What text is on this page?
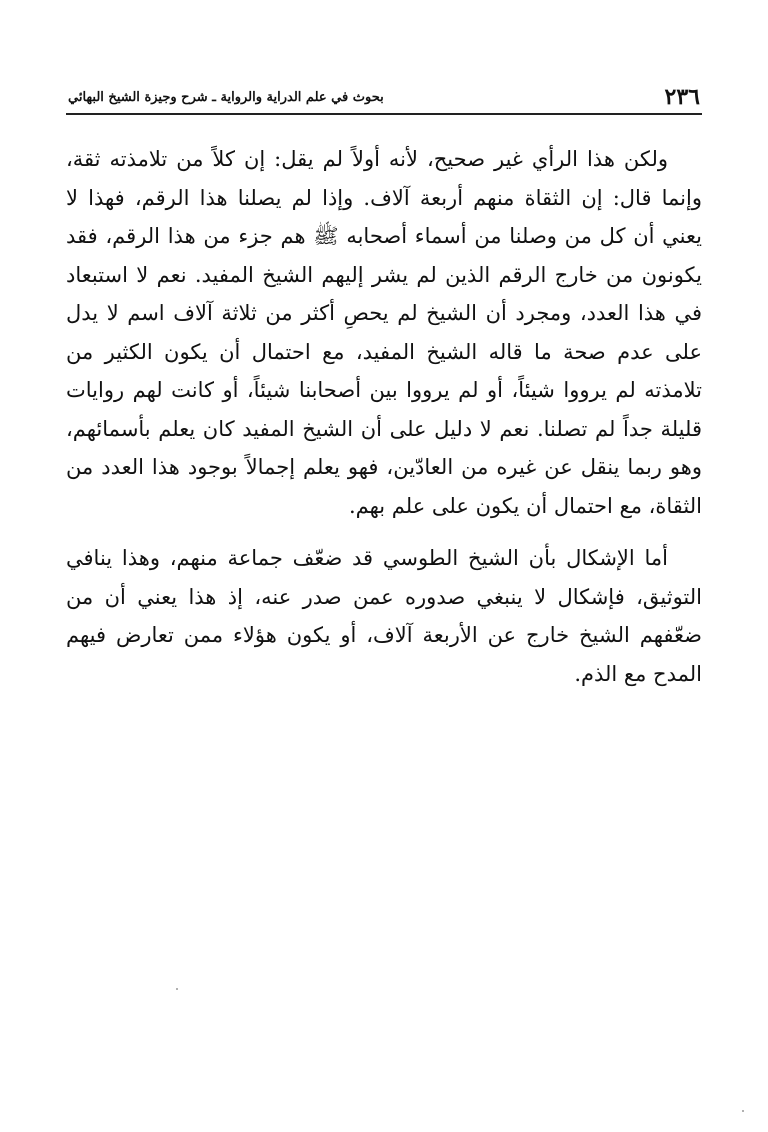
٢٣٦
بحوث في علم الدراية والرواية ـ شرح وجيزة الشيخ البهائي

ولكن هذا الرأي غير صحيح، لأنه أولاً لم يقل: إن كلاً من تلامذته ثقة، وإنما قال: إن الثقاة منهم أربعة آلاف. وإذا لم يصلنا هذا الرقم، فهذا لا يعني أن كل من وصلنا من أسماء أصحابه ﷺ هم جزء من هذا الرقم، فقد يكونون من خارج الرقم الذين لم يشر إليهم الشيخ المفيد. نعم لا استبعاد في هذا العدد، ومجرد أن الشيخ لم يحصِ أكثر من ثلاثة آلاف اسم لا يدل على عدم صحة ما قاله الشيخ المفيد، مع احتمال أن يكون الكثير من تلامذته لم يرووا شيئاً، أو لم يرووا بين أصحابنا شيئاً، أو كانت لهم روايات قليلة جداً لم تصلنا. نعم لا دليل على أن الشيخ المفيد كان يعلم بأسمائهم، وهو ربما ينقل عن غيره من العادّين، فهو يعلم إجمالاً بوجود هذا العدد من الثقاة، مع احتمال أن يكون على علم بهم.

أما الإشكال بأن الشيخ الطوسي قد ضعّف جماعة منهم، وهذا ينافي التوثيق، فإشكال لا ينبغي صدوره عمن صدر عنه، إذ هذا يعني أن من ضعّفهم الشيخ خارج عن الأربعة آلاف، أو يكون هؤلاء ممن تعارض فيهم المدح مع الذم.
